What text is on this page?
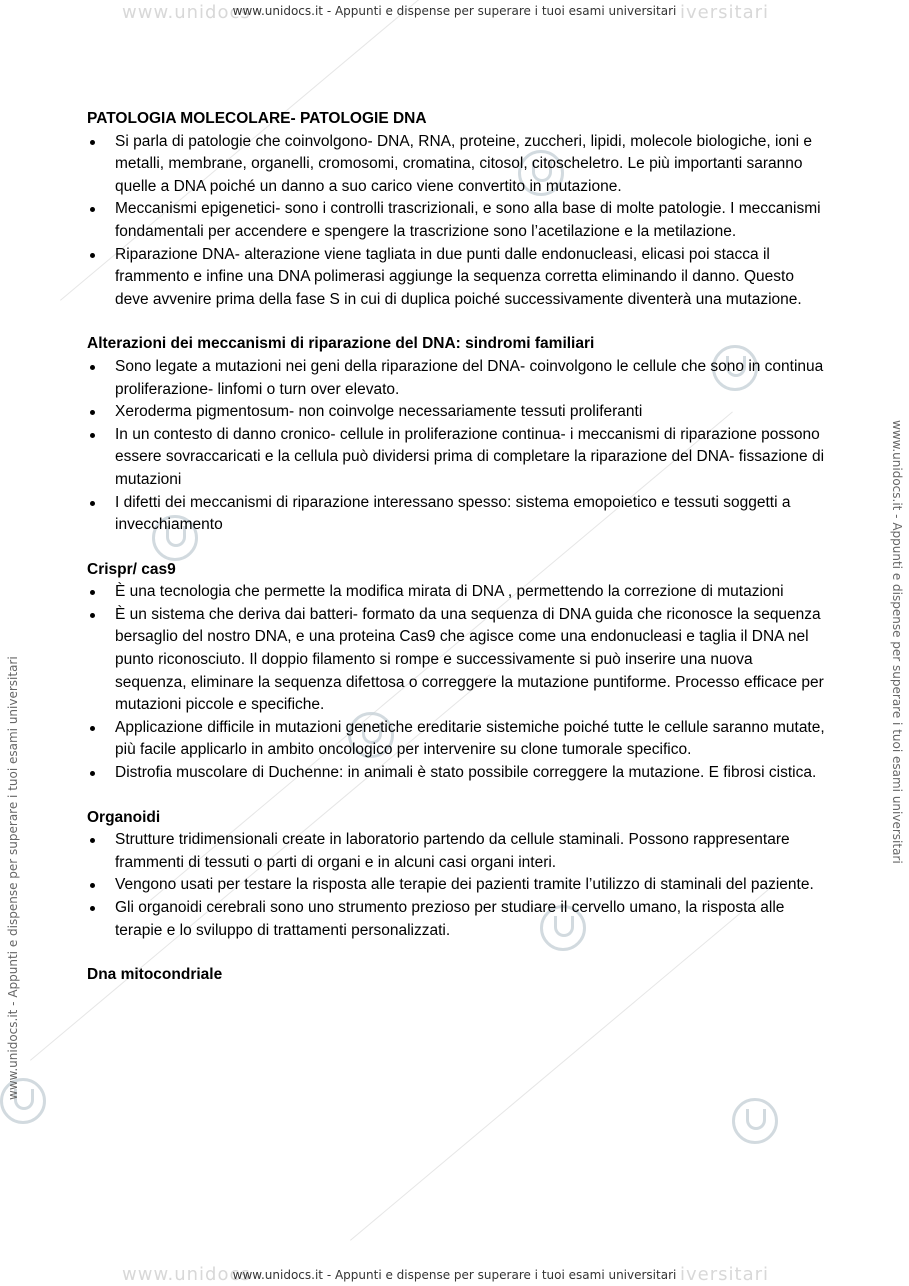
www.unidocs	iversitari
www.unidocs	iversitari
www.unidocs.it - Appunti e dispense per superare i tuoi esami universitari
www.unidocs.it - Appunti e dispense per superare i tuoi esami universitari
www.unidocs.it - Appunti e dispense per superare i tuoi esami universitari
www.unidocs.it - Appunti e dispense per superare i tuoi esami universitari
PATOLOGIA MOLECOLARE- PATOLOGIE DNA
Si parla di patologie che coinvolgono- DNA, RNA, proteine, zuccheri, lipidi, molecole biologiche, ioni e metalli, membrane, organelli, cromosomi, cromatina, citosol, citoscheletro. Le più importanti saranno quelle a DNA poiché un danno a suo carico viene convertito in mutazione.
Meccanismi epigenetici- sono i controlli trascrizionali, e sono alla base di molte patologie. I meccanismi fondamentali per accendere e spengere la trascrizione sono l’acetilazione e la metilazione.
Riparazione DNA- alterazione viene tagliata in due punti dalle endonucleasi, elicasi poi stacca il frammento e infine una DNA polimerasi aggiunge la sequenza corretta eliminando il danno. Questo deve avvenire prima della fase S in cui di duplica poiché successivamente diventerà una mutazione.
Alterazioni dei meccanismi di riparazione del DNA: sindromi familiari
Sono legate a mutazioni nei geni della riparazione del DNA- coinvolgono le cellule che sono in continua proliferazione- linfomi o turn over elevato.
Xeroderma pigmentosum- non coinvolge necessariamente tessuti proliferanti
In un contesto di danno cronico- cellule in proliferazione continua- i meccanismi di riparazione possono essere sovraccaricati e la cellula può dividersi prima di completare la riparazione del DNA- fissazione di mutazioni
I difetti dei meccanismi di riparazione interessano spesso: sistema emopoietico e tessuti soggetti a invecchiamento
Crispr/ cas9
È una tecnologia che permette la modifica mirata di DNA , permettendo la correzione di mutazioni
È un sistema che deriva dai batteri- formato da una sequenza di DNA guida che riconosce la sequenza bersaglio del nostro DNA, e una proteina Cas9 che agisce come una endonucleasi e taglia il DNA nel punto riconosciuto. Il doppio filamento si rompe e successivamente si può inserire una nuova sequenza, eliminare la sequenza difettosa o correggere la mutazione puntiforme. Processo efficace per mutazioni piccole e specifiche.
Applicazione difficile in mutazioni genetiche ereditarie sistemiche poiché tutte le cellule saranno mutate, più facile applicarlo in ambito oncologico per intervenire su clone tumorale specifico.
Distrofia muscolare di Duchenne: in animali è stato possibile correggere la mutazione. E fibrosi cistica.
Organoidi
Strutture tridimensionali create in laboratorio partendo da cellule staminali. Possono rappresentare frammenti di tessuti o parti di organi e in alcuni casi organi interi.
Vengono usati per testare la risposta alle terapie dei pazienti tramite l’utilizzo di staminali del paziente.
Gli organoidi cerebrali sono uno strumento prezioso per studiare il cervello umano, la risposta alle terapie e lo sviluppo di trattamenti personalizzati.
Dna mitocondriale
